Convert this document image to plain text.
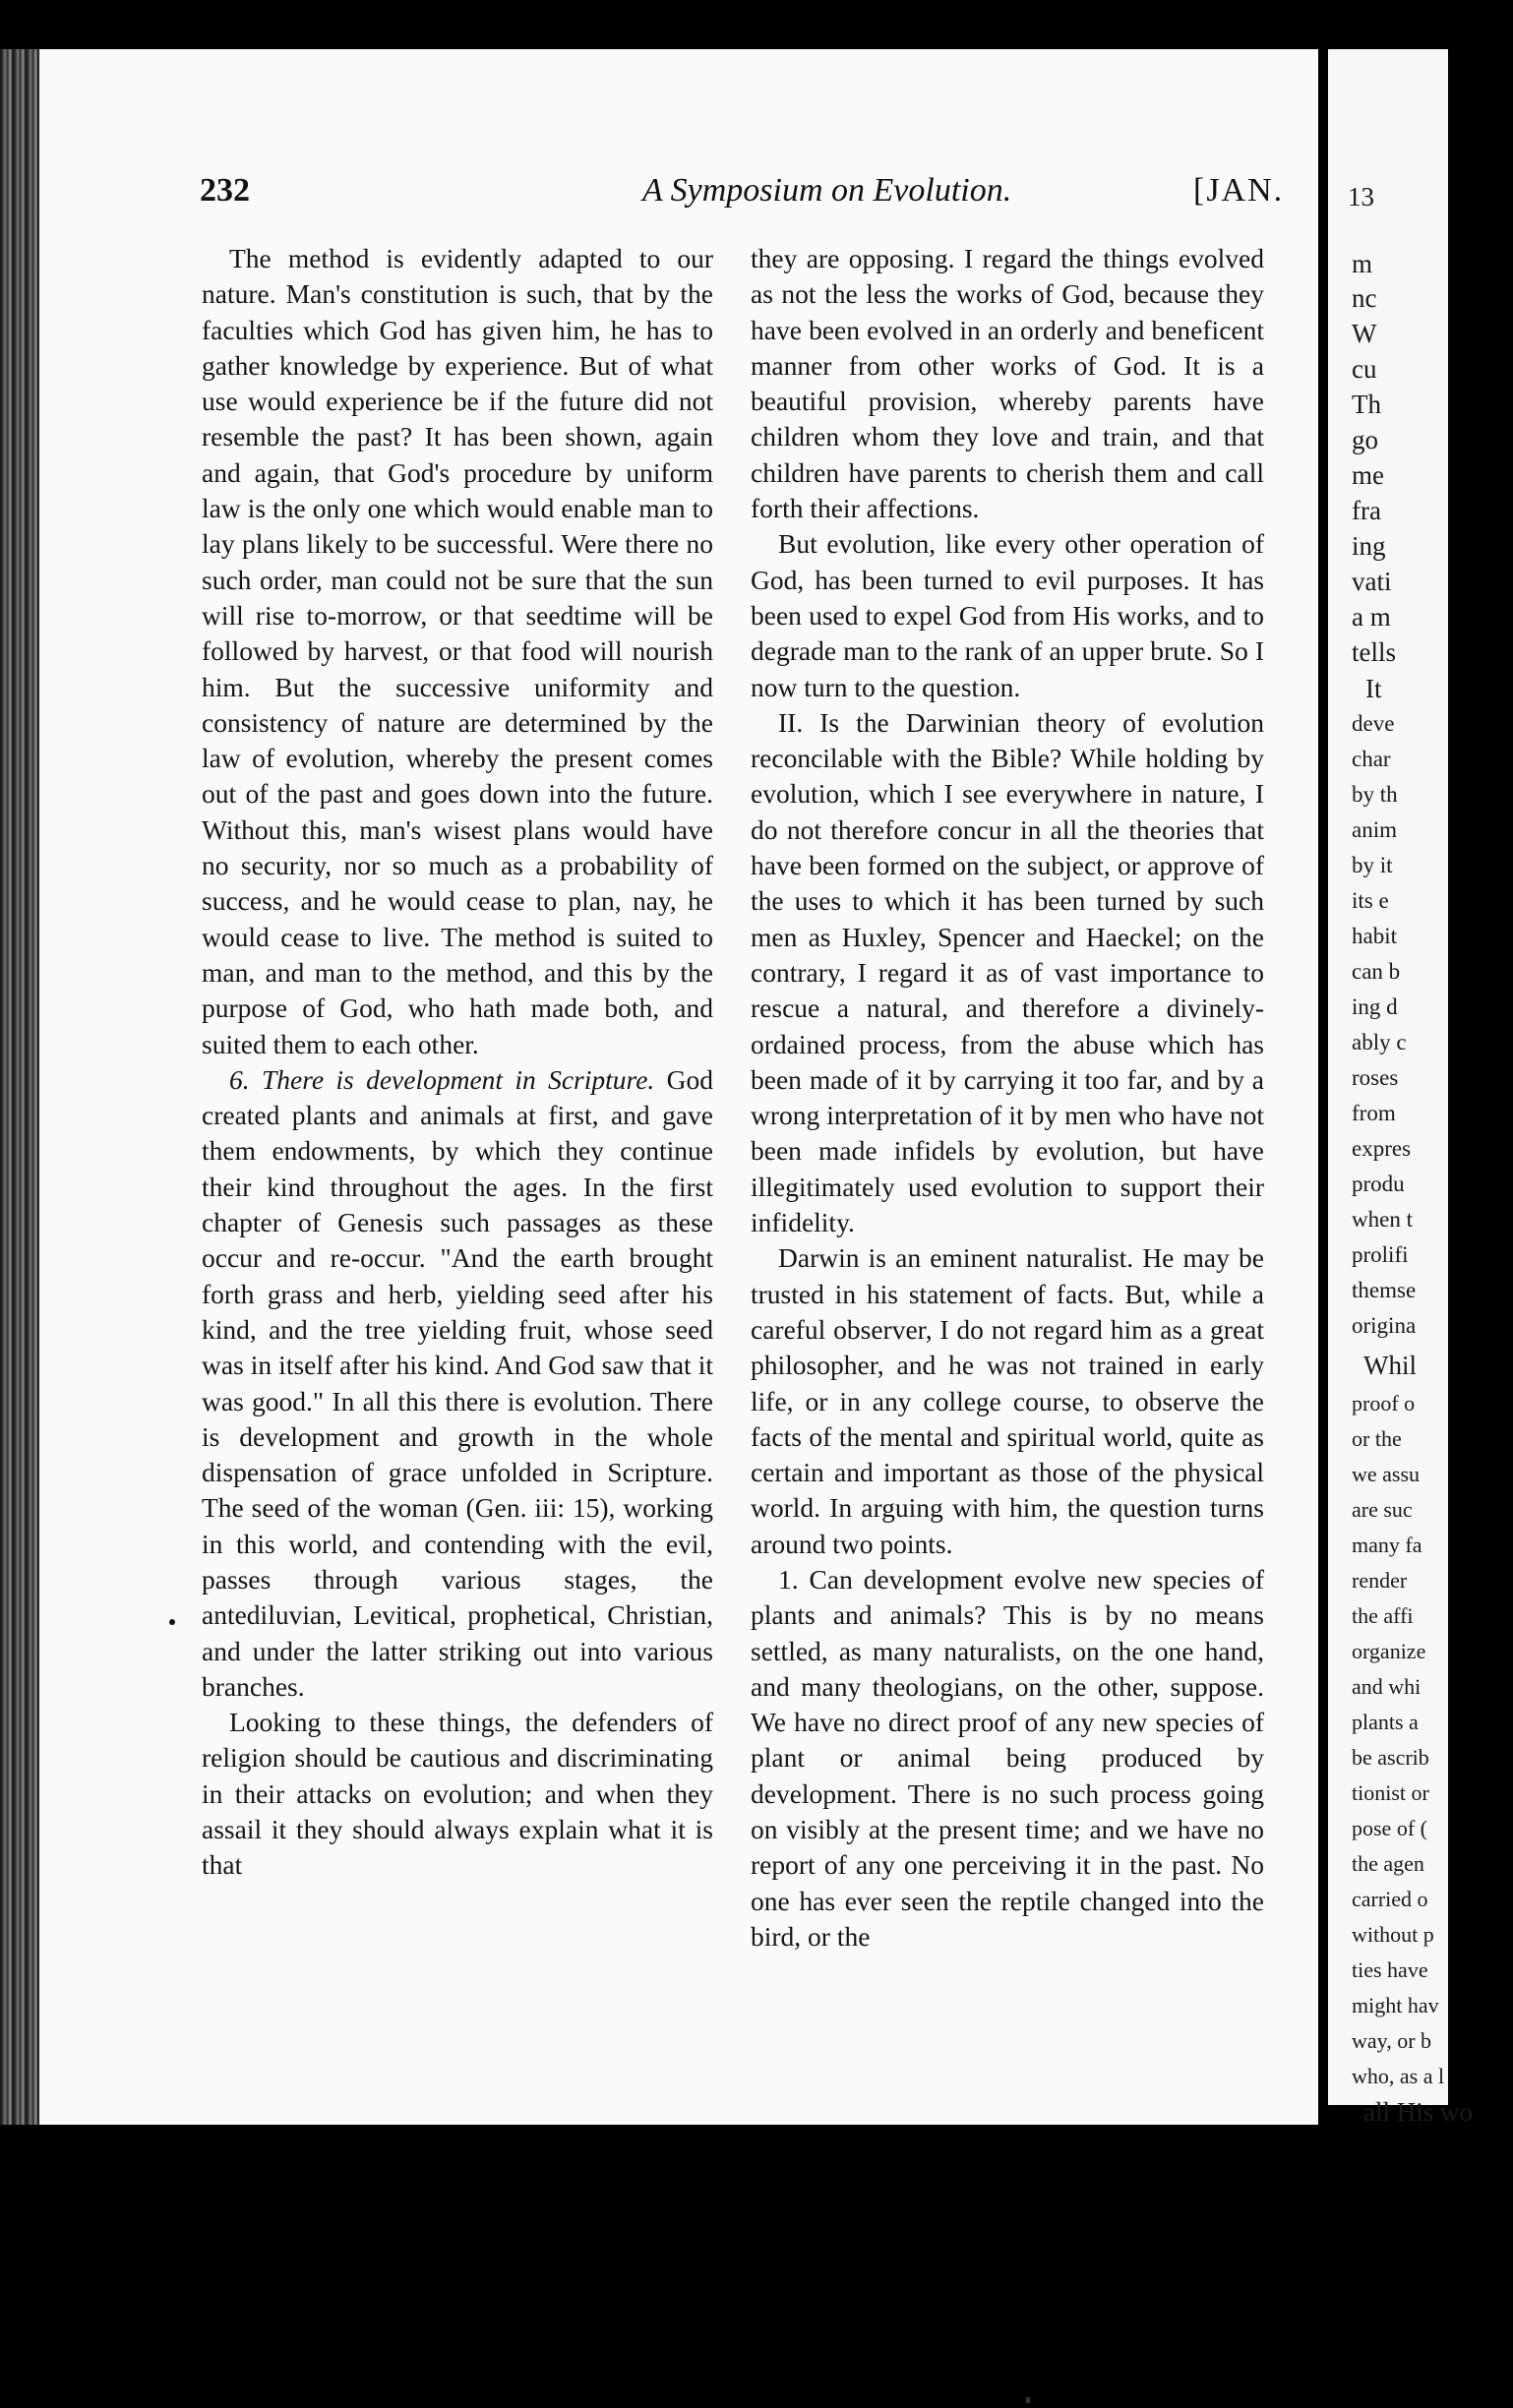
13
m
nc
W
cu
Th
go
me
fra
ing
vati
a m
tells
It
deve
char
by th
anim
by it
its e
habit
can b
ing d
ably c
roses
from
expres
produ
when t
prolifi
themse
origina
Whil
proof o
or the
we assu
are suc
many fa
render
the affi
organize
and whi
plants a
be ascrib
tionist or
pose of (
the agen
carried o
without p
ties have
might hav
way, or b
who, as a l
all His wo
232	A Symposium on Evolution.	[JAN.

The method is evidently adapted to our nature. Man's constitution is such, that by the faculties which God has given him, he has to gather knowledge by experience. But of what use would experience be if the future did not resemble the past? It has been shown, again and again, that God's procedure by uniform law is the only one which would enable man to lay plans likely to be successful. Were there no such order, man could not be sure that the sun will rise to-morrow, or that seedtime will be followed by harvest, or that food will nourish him. But the successive uniformity and consistency of nature are determined by the law of evolution, whereby the present comes out of the past and goes down into the future. Without this, man's wisest plans would have no security, nor so much as a probability of success, and he would cease to plan, nay, he would cease to live. The method is suited to man, and man to the method, and this by the purpose of God, who hath made both, and suited them to each other.

6. There is development in Scripture. God created plants and animals at first, and gave them endowments, by which they continue their kind throughout the ages. In the first chapter of Genesis such passages as these occur and re-occur. "And the earth brought forth grass and herb, yielding seed after his kind, and the tree yielding fruit, whose seed was in itself after his kind. And God saw that it was good." In all this there is evolution. There is development and growth in the whole dispensation of grace unfolded in Scripture. The seed of the woman (Gen. iii: 15), working in this world, and contending with the evil, passes through various stages, the antediluvian, Levitical, prophetical, Christian, and under the latter striking out into various branches.

Looking to these things, the defenders of religion should be cautious and discriminating in their attacks on evolution; and when they assail it they should always explain what it is that

they are opposing. I regard the things evolved as not the less the works of God, because they have been evolved in an orderly and beneficent manner from other works of God. It is a beautiful provision, whereby parents have children whom they love and train, and that children have parents to cherish them and call forth their affections.

But evolution, like every other operation of God, has been turned to evil purposes. It has been used to expel God from His works, and to degrade man to the rank of an upper brute. So I now turn to the question.

II. Is the Darwinian theory of evolution reconcilable with the Bible? While holding by evolution, which I see everywhere in nature, I do not therefore concur in all the theories that have been formed on the subject, or approve of the uses to which it has been turned by such men as Huxley, Spencer and Haeckel; on the contrary, I regard it as of vast importance to rescue a natural, and therefore a divinely-ordained process, from the abuse which has been made of it by carrying it too far, and by a wrong interpretation of it by men who have not been made infidels by evolution, but have illegitimately used evolution to support their infidelity.

Darwin is an eminent naturalist. He may be trusted in his statement of facts. But, while a careful observer, I do not regard him as a great philosopher, and he was not trained in early life, or in any college course, to observe the facts of the mental and spiritual world, quite as certain and important as those of the physical world. In arguing with him, the question turns around two points.

1. Can development evolve new species of plants and animals? This is by no means settled, as many naturalists, on the one hand, and many theologians, on the other, suppose. We have no direct proof of any new species of plant or animal being produced by development. There is no such process going on visibly at the present time; and we have no report of any one perceiving it in the past. No one has ever seen the reptile changed into the bird, or the
